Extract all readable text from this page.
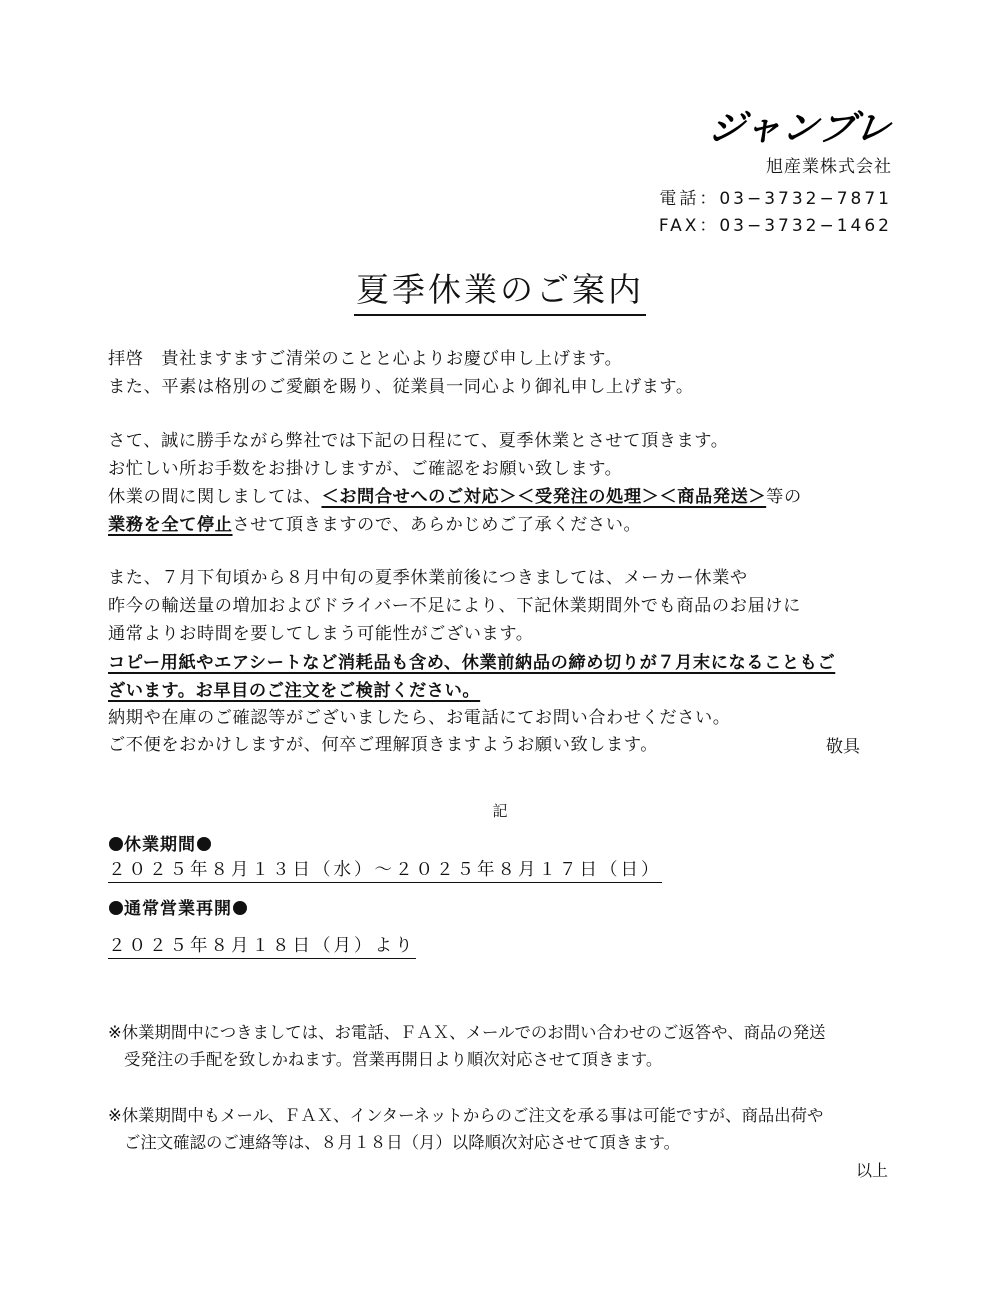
ジャンブレ
旭産業株式会社
電話：03−3732−7871
FAX：03−3732−1462
夏季休業のご案内
拝啓　貴社ますますご清栄のことと心よりお慶び申し上げます。
また、平素は格別のご愛顧を賜り、従業員一同心より御礼申し上げます。
さて、誠に勝手ながら弊社では下記の日程にて、夏季休業とさせて頂きます。
お忙しい所お手数をお掛けしますが、ご確認をお願い致します。
休業の間に関しましては、＜お問合せへのご対応＞＜受発注の処理＞＜商品発送＞等の
業務を全て停止させて頂きますので、あらかじめご了承ください。
また、７月下旬頃から８月中旬の夏季休業前後につきましては、メーカー休業や
昨今の輸送量の増加およびドライバー不足により、下記休業期間外でも商品のお届けに
通常よりお時間を要してしまう可能性がございます。
コピー用紙やエアシートなど消耗品も含め、休業前納品の締め切りが７月末になることもご
ざいます。お早目のご注文をご検討ください。
納期や在庫のご確認等がございましたら、お電話にてお問い合わせください。
ご不便をおかけしますが、何卒ご理解頂きますようお願い致します。	敬具
記
休業期間
２０２５年８月１３日（水）～２０２５年８月１７日（日）
通常営業再開
２０２５年８月１８日（月）より
※休業期間中につきましては、お電話、ＦＡＸ、メールでのお問い合わせのご返答や、商品の発送
受発注の手配を致しかねます。営業再開日より順次対応させて頂きます。
※休業期間中もメール、ＦＡＸ、インターネットからのご注文を承る事は可能ですが、商品出荷や
ご注文確認のご連絡等は、８月１８日（月）以降順次対応させて頂きます。
以上
